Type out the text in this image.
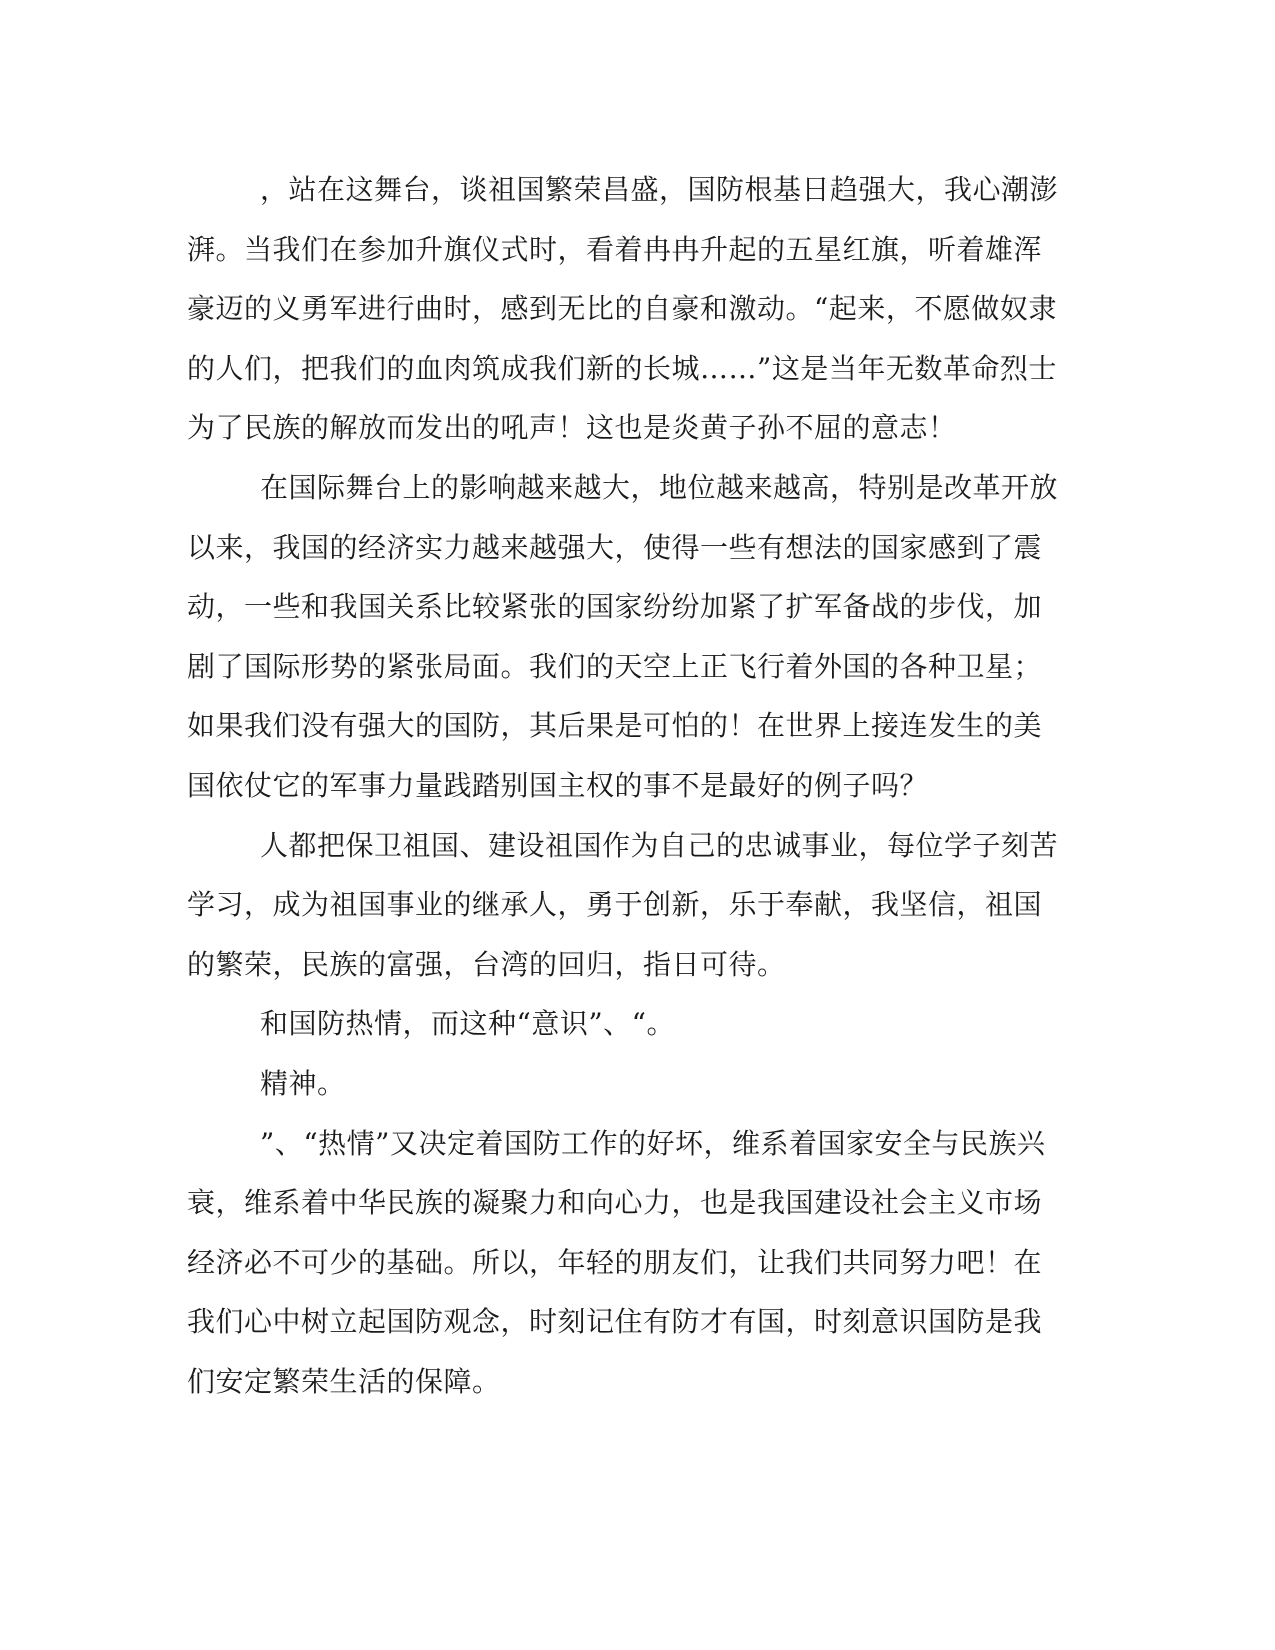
，站在这舞台，谈祖国繁荣昌盛，国防根基日趋强大，我心潮澎
湃。当我们在参加升旗仪式时，看着冉冉升起的五星红旗，听着雄浑
豪迈的义勇军进行曲时，感到无比的自豪和激动。“起来，不愿做奴隶
的人们，把我们的血肉筑成我们新的长城……”这是当年无数革命烈士
为了民族的解放而发出的吼声！这也是炎黄子孙不屈的意志！
在国际舞台上的影响越来越大，地位越来越高，特别是改革开放
以来，我国的经济实力越来越强大，使得一些有想法的国家感到了震
动，一些和我国关系比较紧张的国家纷纷加紧了扩军备战的步伐，加
剧了国际形势的紧张局面。我们的天空上正飞行着外国的各种卫星；
如果我们没有强大的国防，其后果是可怕的！在世界上接连发生的美
国依仗它的军事力量践踏别国主权的事不是最好的例子吗？
人都把保卫祖国、建设祖国作为自己的忠诚事业，每位学子刻苦
学习，成为祖国事业的继承人，勇于创新，乐于奉献，我坚信，祖国
的繁荣，民族的富强，台湾的回归，指日可待。
和国防热情，而这种“意识”、“。
精神。
”、“热情”又决定着国防工作的好坏，维系着国家安全与民族兴
衰，维系着中华民族的凝聚力和向心力，也是我国建设社会主义市场
经济必不可少的基础。所以，年轻的朋友们，让我们共同努力吧！在
我们心中树立起国防观念，时刻记住有防才有国，时刻意识国防是我
们安定繁荣生活的保障。
